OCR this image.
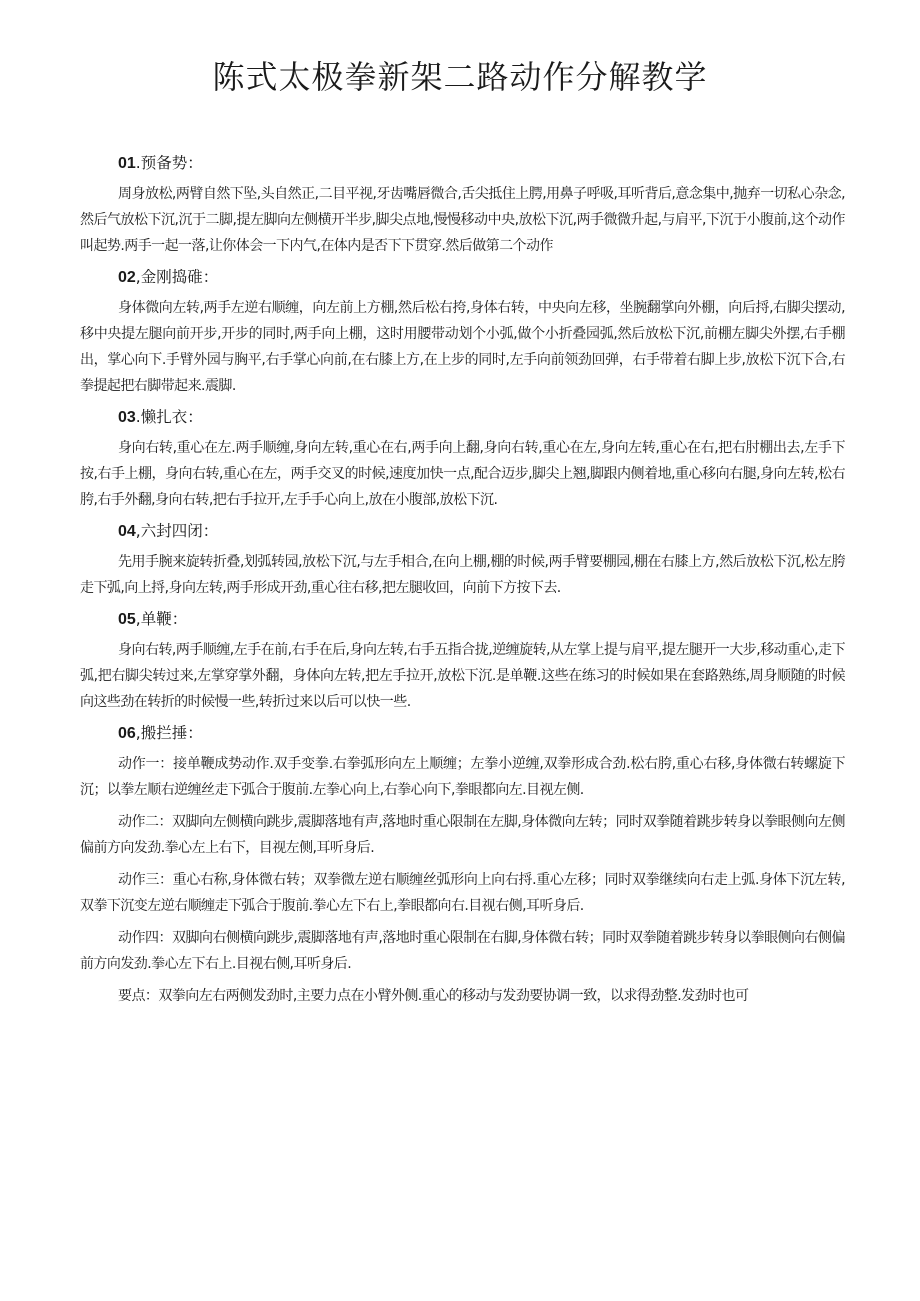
陈式太极拳新架二路动作分解教学
01.预备势：

周身放松,两臂自然下坠,头自然正,二目平视,牙齿嘴唇微合,舌尖抵住上腭,用鼻子呼吸,耳听背后,意念集中,抛弃一切私心杂念,然后气放松下沉,沉于二脚,提左脚向左侧横开半步,脚尖点地,慢慢移动中央,放松下沉,两手微微升起,与肩平,下沉于小腹前,这个动作叫起势.两手一起一落,让你体会一下内气,在体内是否下下贯穿.然后做第二个动作

02,金刚捣碓：

身体微向左转,两手左逆右顺缠，向左前上方棚,然后松右挎,身体右转，中央向左移，坐腕翻掌向外棚，向后捋,右脚尖摆动,移中央提左腿向前开步,开步的同时,两手向上棚，这时用腰带动划个小弧,做个小折叠园弧,然后放松下沉,前棚左脚尖外摆,右手棚出，掌心向下.手臂外园与胸平,右手掌心向前,在右膝上方,在上步的同时,左手向前领劲回弹，右手带着右脚上步,放松下沉下合,右拳提起把右脚带起来.震脚.

03.懒扎衣：

身向右转,重心在左.两手顺缠,身向左转,重心在右,两手向上翻,身向右转,重心在左,身向左转,重心在右,把右肘棚出去,左手下按,右手上棚，身向右转,重心在左，两手交叉的时候,速度加快一点,配合迈步,脚尖上翘,脚跟内侧着地,重心移向右腿,身向左转,松右胯,右手外翻,身向右转,把右手拉开,左手手心向上,放在小腹部,放松下沉.

04,六封四闭：

先用手腕来旋转折叠,划弧转园,放松下沉,与左手相合,在向上棚,棚的时候,两手臂要棚园,棚在右膝上方,然后放松下沉,松左胯走下弧,向上捋,身向左转,两手形成开劲,重心往右移,把左腿收回，向前下方按下去.

05,单鞭：

身向右转,两手顺缠,左手在前,右手在后,身向左转,右手五指合拢,逆缠旋转,从左掌上提与肩平,提左腿开一大步,移动重心,走下弧,把右脚尖转过来,左掌穿掌外翻，身体向左转,把左手拉开,放松下沉.是单鞭.这些在练习的时候如果在套路熟练,周身顺随的时候向这些劲在转折的时候慢一些,转折过来以后可以快一些.

06,搬拦捶：

动作一：接单鞭成势动作.双手变拳.右拳弧形向左上顺缠；左拳小逆缠,双拳形成合劲.松右胯,重心右移,身体微右转螺旋下沉；以拳左顺右逆缠丝走下弧合于腹前.左拳心向上,右拳心向下,拳眼都向左.目视左侧.

动作二：双脚向左侧横向跳步,震脚落地有声,落地时重心限制在左脚,身体微向左转；同时双拳随着跳步转身以拳眼侧向左侧偏前方向发劲.拳心左上右下，目视左侧,耳听身后.

动作三：重心右称,身体微右转；双拳微左逆右顺缠丝弧形向上向右捋.重心左移；同时双拳继续向右走上弧.身体下沉左转,双拳下沉变左逆右顺缠走下弧合于腹前.拳心左下右上,拳眼都向右.目视右侧,耳听身后.

动作四：双脚向右侧横向跳步,震脚落地有声,落地时重心限制在右脚,身体微右转；同时双拳随着跳步转身以拳眼侧向右侧偏前方向发劲.拳心左下右上.目视右侧,耳听身后.

要点：双拳向左右两侧发劲时,主要力点在小臂外侧.重心的移动与发劲要协调一致，以求得劲整.发劲时也可
